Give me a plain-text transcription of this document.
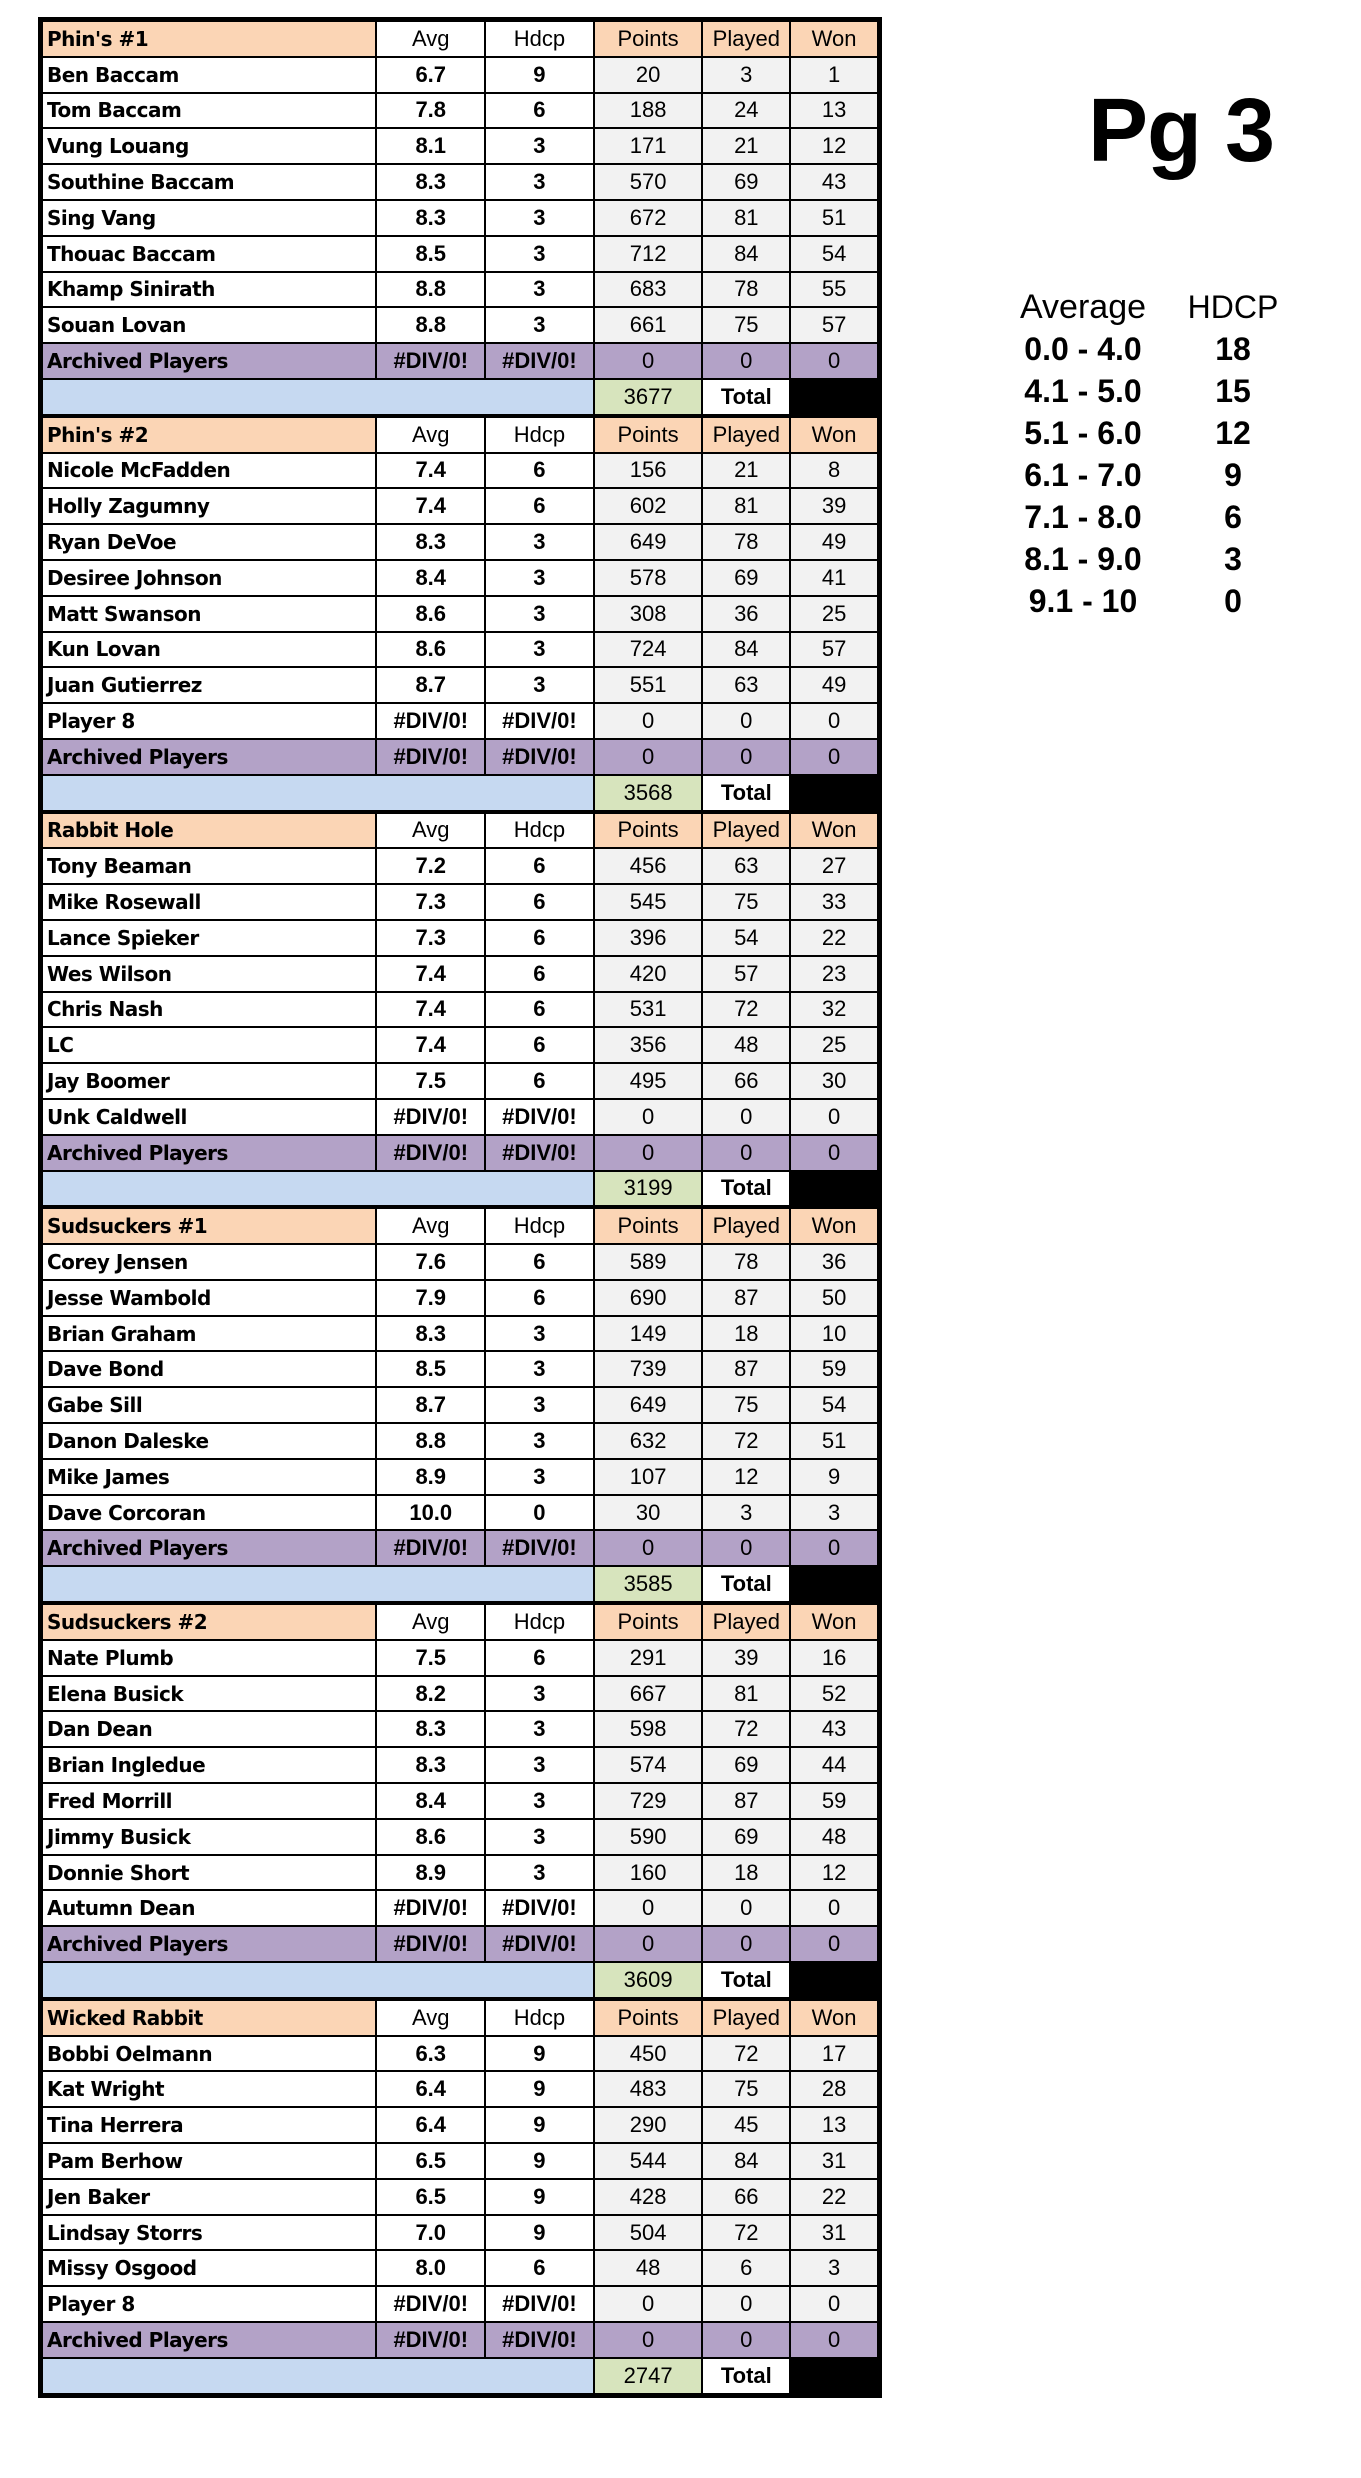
Phin's #1	Avg	Hdcp	Points	Played	Won
Ben Baccam	6.7	9	20	3	1
Tom Baccam	7.8	6	188	24	13
Vung Louang	8.1	3	171	21	12
Southine Baccam	8.3	3	570	69	43
Sing Vang	8.3	3	672	81	51
Thouac Baccam	8.5	3	712	84	54
Khamp Sinirath	8.8	3	683	78	55
Souan Lovan	8.8	3	661	75	57
Archived Players	#DIV/0!	#DIV/0!	0	0	0
			3677	Total	
Phin's #2	Avg	Hdcp	Points	Played	Won
Nicole McFadden	7.4	6	156	21	8
Holly Zagumny	7.4	6	602	81	39
Ryan DeVoe	8.3	3	649	78	49
Desiree Johnson	8.4	3	578	69	41
Matt Swanson	8.6	3	308	36	25
Kun Lovan	8.6	3	724	84	57
Juan Gutierrez	8.7	3	551	63	49
Player 8	#DIV/0!	#DIV/0!	0	0	0
Archived Players	#DIV/0!	#DIV/0!	0	0	0
			3568	Total	
Rabbit Hole	Avg	Hdcp	Points	Played	Won
Tony Beaman	7.2	6	456	63	27
Mike Rosewall	7.3	6	545	75	33
Lance Spieker	7.3	6	396	54	22
Wes Wilson	7.4	6	420	57	23
Chris Nash	7.4	6	531	72	32
LC	7.4	6	356	48	25
Jay Boomer	7.5	6	495	66	30
Unk Caldwell	#DIV/0!	#DIV/0!	0	0	0
Archived Players	#DIV/0!	#DIV/0!	0	0	0
			3199	Total	
Sudsuckers #1	Avg	Hdcp	Points	Played	Won
Corey Jensen	7.6	6	589	78	36
Jesse Wambold	7.9	6	690	87	50
Brian Graham	8.3	3	149	18	10
Dave Bond	8.5	3	739	87	59
Gabe Sill	8.7	3	649	75	54
Danon Daleske	8.8	3	632	72	51
Mike James	8.9	3	107	12	9
Dave Corcoran	10.0	0	30	3	3
Archived Players	#DIV/0!	#DIV/0!	0	0	0
			3585	Total	
Sudsuckers #2	Avg	Hdcp	Points	Played	Won
Nate Plumb	7.5	6	291	39	16
Elena Busick	8.2	3	667	81	52
Dan Dean	8.3	3	598	72	43
Brian Ingledue	8.3	3	574	69	44
Fred Morrill	8.4	3	729	87	59
Jimmy Busick	8.6	3	590	69	48
Donnie Short	8.9	3	160	18	12
Autumn Dean	#DIV/0!	#DIV/0!	0	0	0
Archived Players	#DIV/0!	#DIV/0!	0	0	0
			3609	Total	
Wicked Rabbit	Avg	Hdcp	Points	Played	Won
Bobbi Oelmann	6.3	9	450	72	17
Kat Wright	6.4	9	483	75	28
Tina Herrera	6.4	9	290	45	13
Pam Berhow	6.5	9	544	84	31
Jen Baker	6.5	9	428	66	22
Lindsay Storrs	7.0	9	504	72	31
Missy Osgood	8.0	6	48	6	3
Player 8	#DIV/0!	#DIV/0!	0	0	0
Archived Players	#DIV/0!	#DIV/0!	0	0	0
			2747	Total	
Pg 3
Average	HDCP
0.0 - 4.0	18
4.1 - 5.0	15
5.1 - 6.0	12
6.1 - 7.0	9
7.1 - 8.0	6
8.1 - 9.0	3
9.1 - 10	0
